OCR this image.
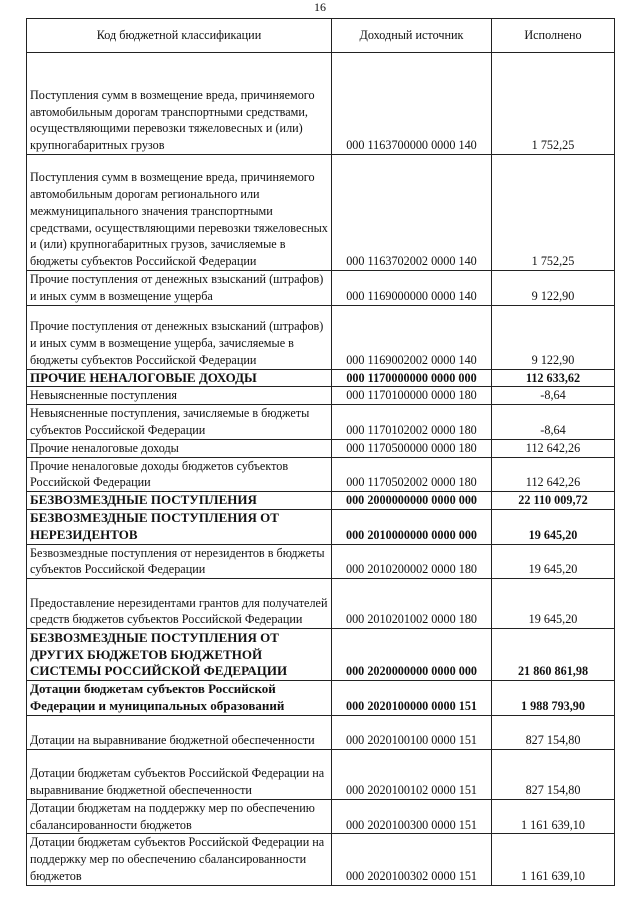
16
Код бюджетной классификации	Доходный источник	Исполнено
Поступления сумм в возмещение вреда, причиняемого автомобильным дорогам транспортными средствами, осуществляющими перевозки тяжеловесных и (или) крупногабаритных грузов	000 1163700000 0000 140	1 752,25
Поступления сумм в возмещение вреда, причиняемого автомобильным дорогам регионального или межмуниципального значения транспортными средствами, осуществляющими перевозки тяжеловесных и (или) крупногабаритных грузов, зачисляемые в бюджеты субъектов Российской Федерации	000 1163702002 0000 140	1 752,25
Прочие поступления от денежных взысканий (штрафов) и иных сумм в возмещение ущерба	000 1169000000 0000 140	9 122,90
Прочие поступления от денежных взысканий (штрафов) и иных сумм в возмещение ущерба, зачисляемые в бюджеты субъектов Российской Федерации	000 1169002002 0000 140	9 122,90
ПРОЧИЕ НЕНАЛОГОВЫЕ ДОХОДЫ	000 1170000000 0000 000	112 633,62
Невыясненные поступления	000 1170100000 0000 180	-8,64
Невыясненные поступления, зачисляемые в бюджеты субъектов Российской Федерации	000 1170102002 0000 180	-8,64
Прочие неналоговые доходы	000 1170500000 0000 180	112 642,26
Прочие неналоговые доходы бюджетов субъектов Российской Федерации	000 1170502002 0000 180	112 642,26
БЕЗВОЗМЕЗДНЫЕ ПОСТУПЛЕНИЯ	000 2000000000 0000 000	22 110 009,72
БЕЗВОЗМЕЗДНЫЕ ПОСТУПЛЕНИЯ ОТ НЕРЕЗИДЕНТОВ	000 2010000000 0000 000	19 645,20
Безвозмездные поступления от нерезидентов в бюджеты субъектов Российской Федерации	000 2010200002 0000 180	19 645,20
Предоставление нерезидентами грантов для получателей средств бюджетов субъектов Российской Федерации	000 2010201002 0000 180	19 645,20
БЕЗВОЗМЕЗДНЫЕ ПОСТУПЛЕНИЯ ОТ ДРУГИХ БЮДЖЕТОВ БЮДЖЕТНОЙ СИСТЕМЫ РОССИЙСКОЙ ФЕДЕРАЦИИ	000 2020000000 0000 000	21 860 861,98
Дотации бюджетам субъектов Российской Федерации и муниципальных образований	000 2020100000 0000 151	1 988 793,90
Дотации на выравнивание бюджетной обеспеченности	000 2020100100 0000 151	827 154,80
Дотации бюджетам субъектов Российской Федерации на выравнивание бюджетной обеспеченности	000 2020100102 0000 151	827 154,80
Дотации бюджетам на поддержку мер по обеспечению сбалансированности бюджетов	000 2020100300 0000 151	1 161 639,10
Дотации бюджетам субъектов Российской Федерации на поддержку мер по обеспечению сбалансированности бюджетов	000 2020100302 0000 151	1 161 639,10
